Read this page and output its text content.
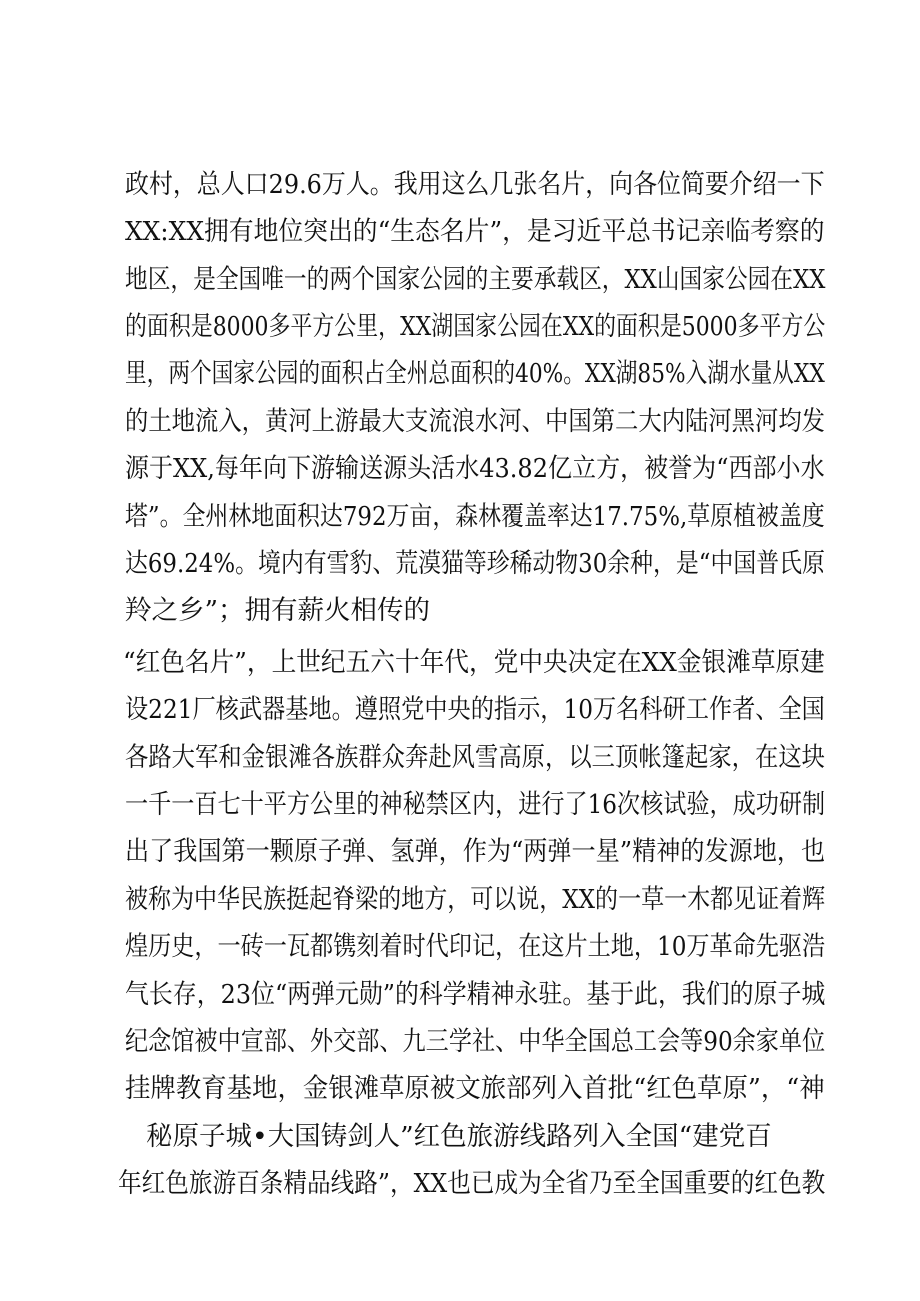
政村，总人口29.6万人。我用这么几张名片，向各位简要介绍一下
XX:XX拥有地位突出的“生态名片”，是习近平总书记亲临考察的
地区，是全国唯一的两个国家公园的主要承载区，XX山国家公园在XX
的面积是8000多平方公里，XX湖国家公园在XX的面积是5000多平方公
里，两个国家公园的面积占全州总面积的40%。XX湖85%入湖水量从XX
的土地流入，黄河上游最大支流浪水河、中国第二大内陆河黑河均发
源于XX,每年向下游输送源头活水43.82亿立方，被誉为“西部小水
塔”。全州林地面积达792万亩，森林覆盖率达17.75%,草原植被盖度
达69.24%。境内有雪豹、荒漠猫等珍稀动物30余种，是“中国普氏原
羚之乡”；拥有薪火相传的
“红色名片”，上世纪五六十年代，党中央决定在XX金银滩草原建
设221厂核武器基地。遵照党中央的指示，10万名科研工作者、全国
各路大军和金银滩各族群众奔赴风雪高原，以三顶帐篷起家，在这块
一千一百七十平方公里的神秘禁区内，进行了16次核试验，成功研制
出了我国第一颗原子弹、氢弹，作为“两弹一星”精神的发源地，也
被称为中华民族挺起脊梁的地方，可以说，XX的一草一木都见证着辉
煌历史，一砖一瓦都镌刻着时代印记，在这片土地，10万革命先驱浩
气长存，23位“两弹元勋”的科学精神永驻。基于此，我们的原子城
纪念馆被中宣部、外交部、九三学社、中华全国总工会等90余家单位
挂牌教育基地，金银滩草原被文旅部列入首批“红色草原”，“神
秘原子城•大国铸剑人”红色旅游线路列入全国“建党百
年红色旅游百条精品线路”，XX也已成为全省乃至全国重要的红色教
